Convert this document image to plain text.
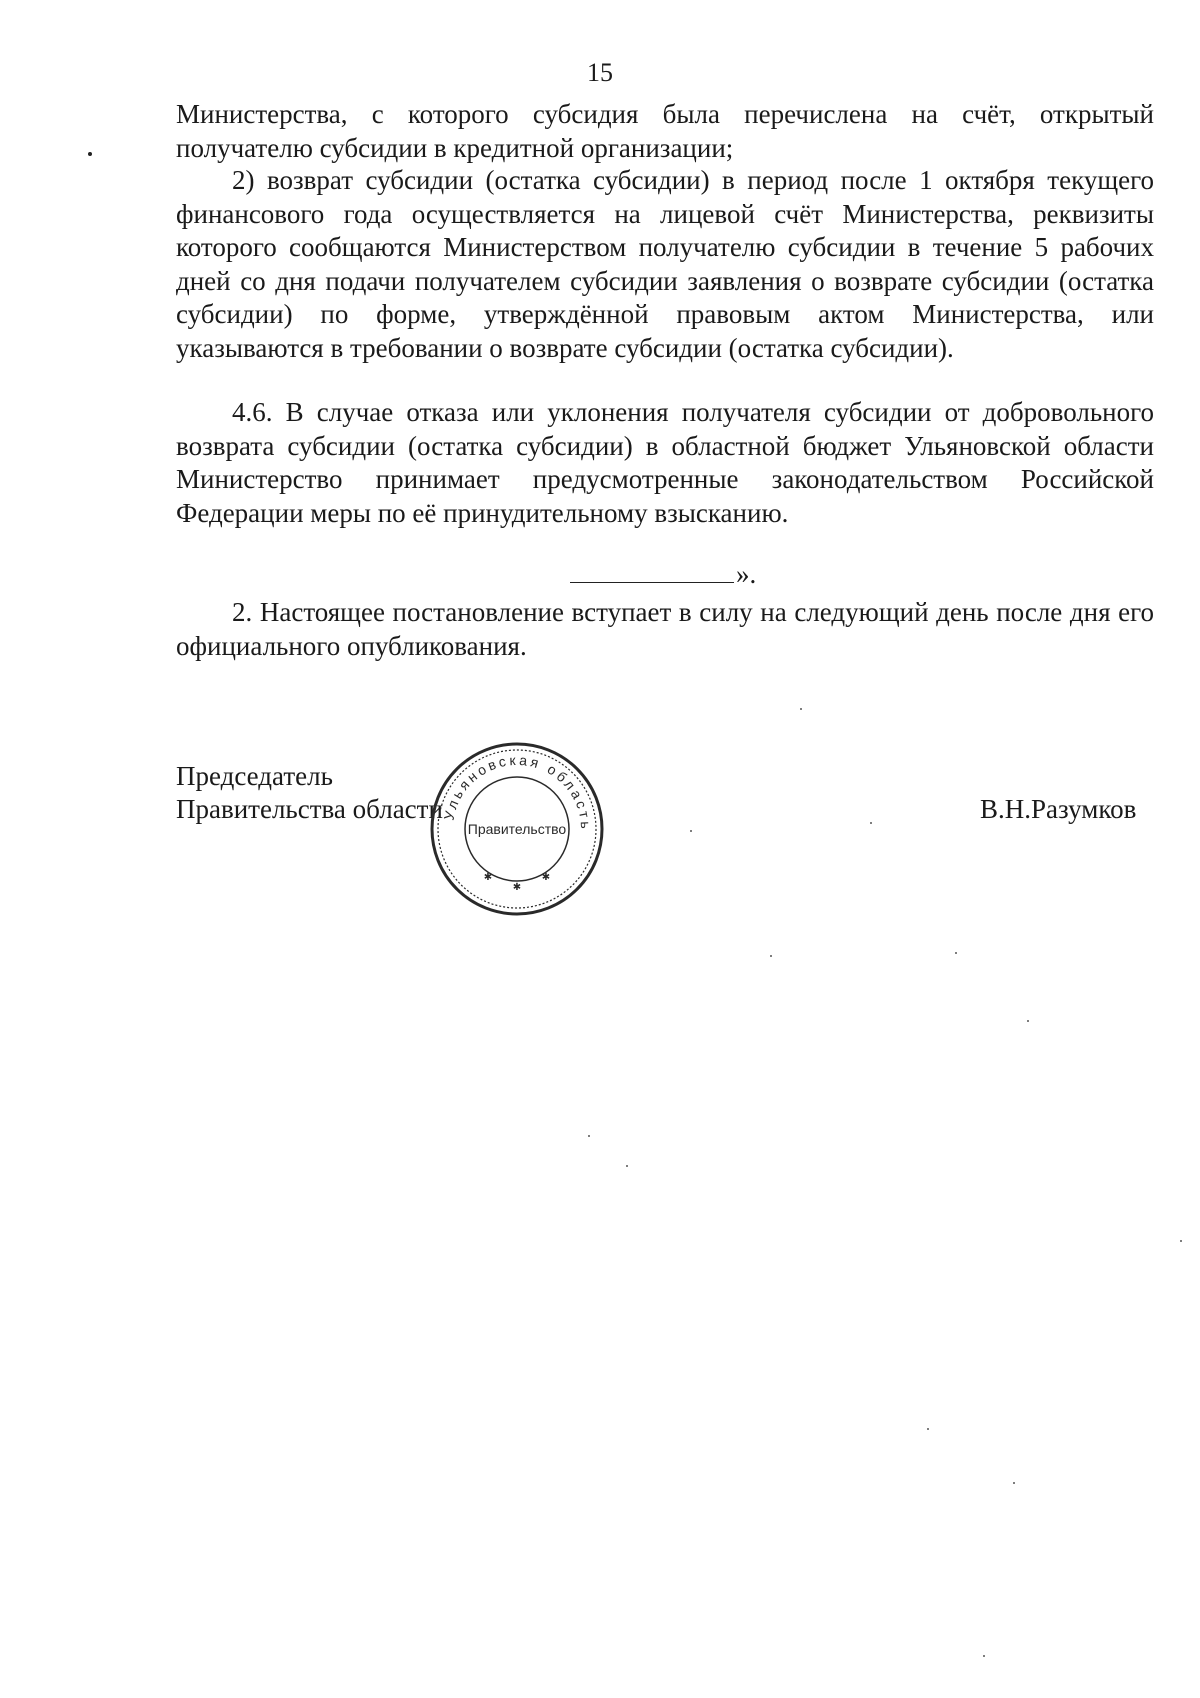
15

Министерства, с которого субсидия была перечислена на счёт, открытый получателю субсидии в кредитной организации;

2) возврат субсидии (остатка субсидии) в период после 1 октября текущего финансового года осуществляется на лицевой счёт Министерства, реквизиты которого сообщаются Министерством получателю субсидии в течение 5 рабочих дней со дня подачи получателем субсидии заявления о возврате субсидии (остатка субсидии) по форме, утверждённой правовым актом Министерства, или указываются в требовании о возврате субсидии (остатка субсидии).

4.6. В случае отказа или уклонения получателя субсидии от добровольного возврата субсидии (остатка субсидии) в областной бюджет Ульяновской области Министерство принимает предусмотренные законодательством Российской Федерации меры по её принудительному взысканию.

».

2. Настоящее постановление вступает в силу на следующий день после дня его официального опубликования.

Председатель
Правительства области	В.Н.Разумков
Ульяновская область
Правительство
✱
✱
✱
